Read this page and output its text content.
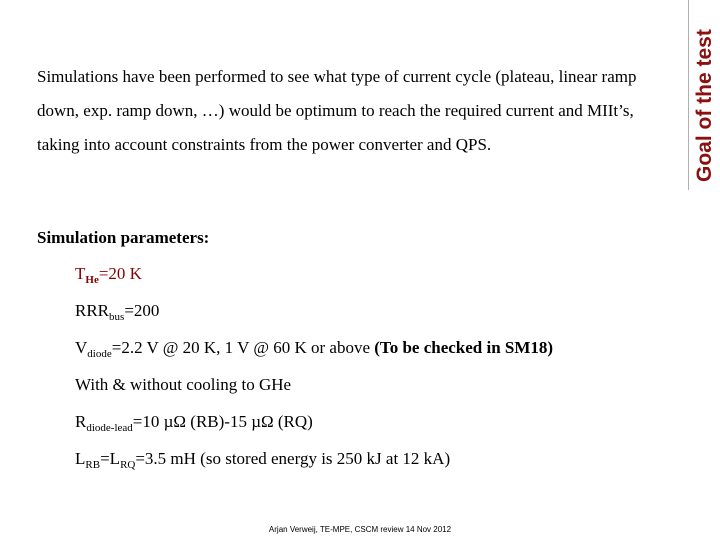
Goal of the test
Simulations have been performed to see what type of current cycle (plateau, linear ramp down, exp. ramp down, …) would be optimum to reach the required current and MIIt’s, taking into account constraints from the power converter and QPS.
Simulation parameters:
$T_{He}=20$ K
$RRR_{bus}=200$
$V_{diode}=2.2$ V @ 20 K, 1 V @ 60 K or above (To be checked in SM18)
With & without cooling to GHe
$R_{diode-lead}=10$ µΩ (RB)-15 µΩ (RQ)
$L_{RB}=L_{RQ}=3.5$ mH (so stored energy is 250 kJ at 12 kA)
Arjan Verweij, TE-MPE, CSCM review 14 Nov 2012
